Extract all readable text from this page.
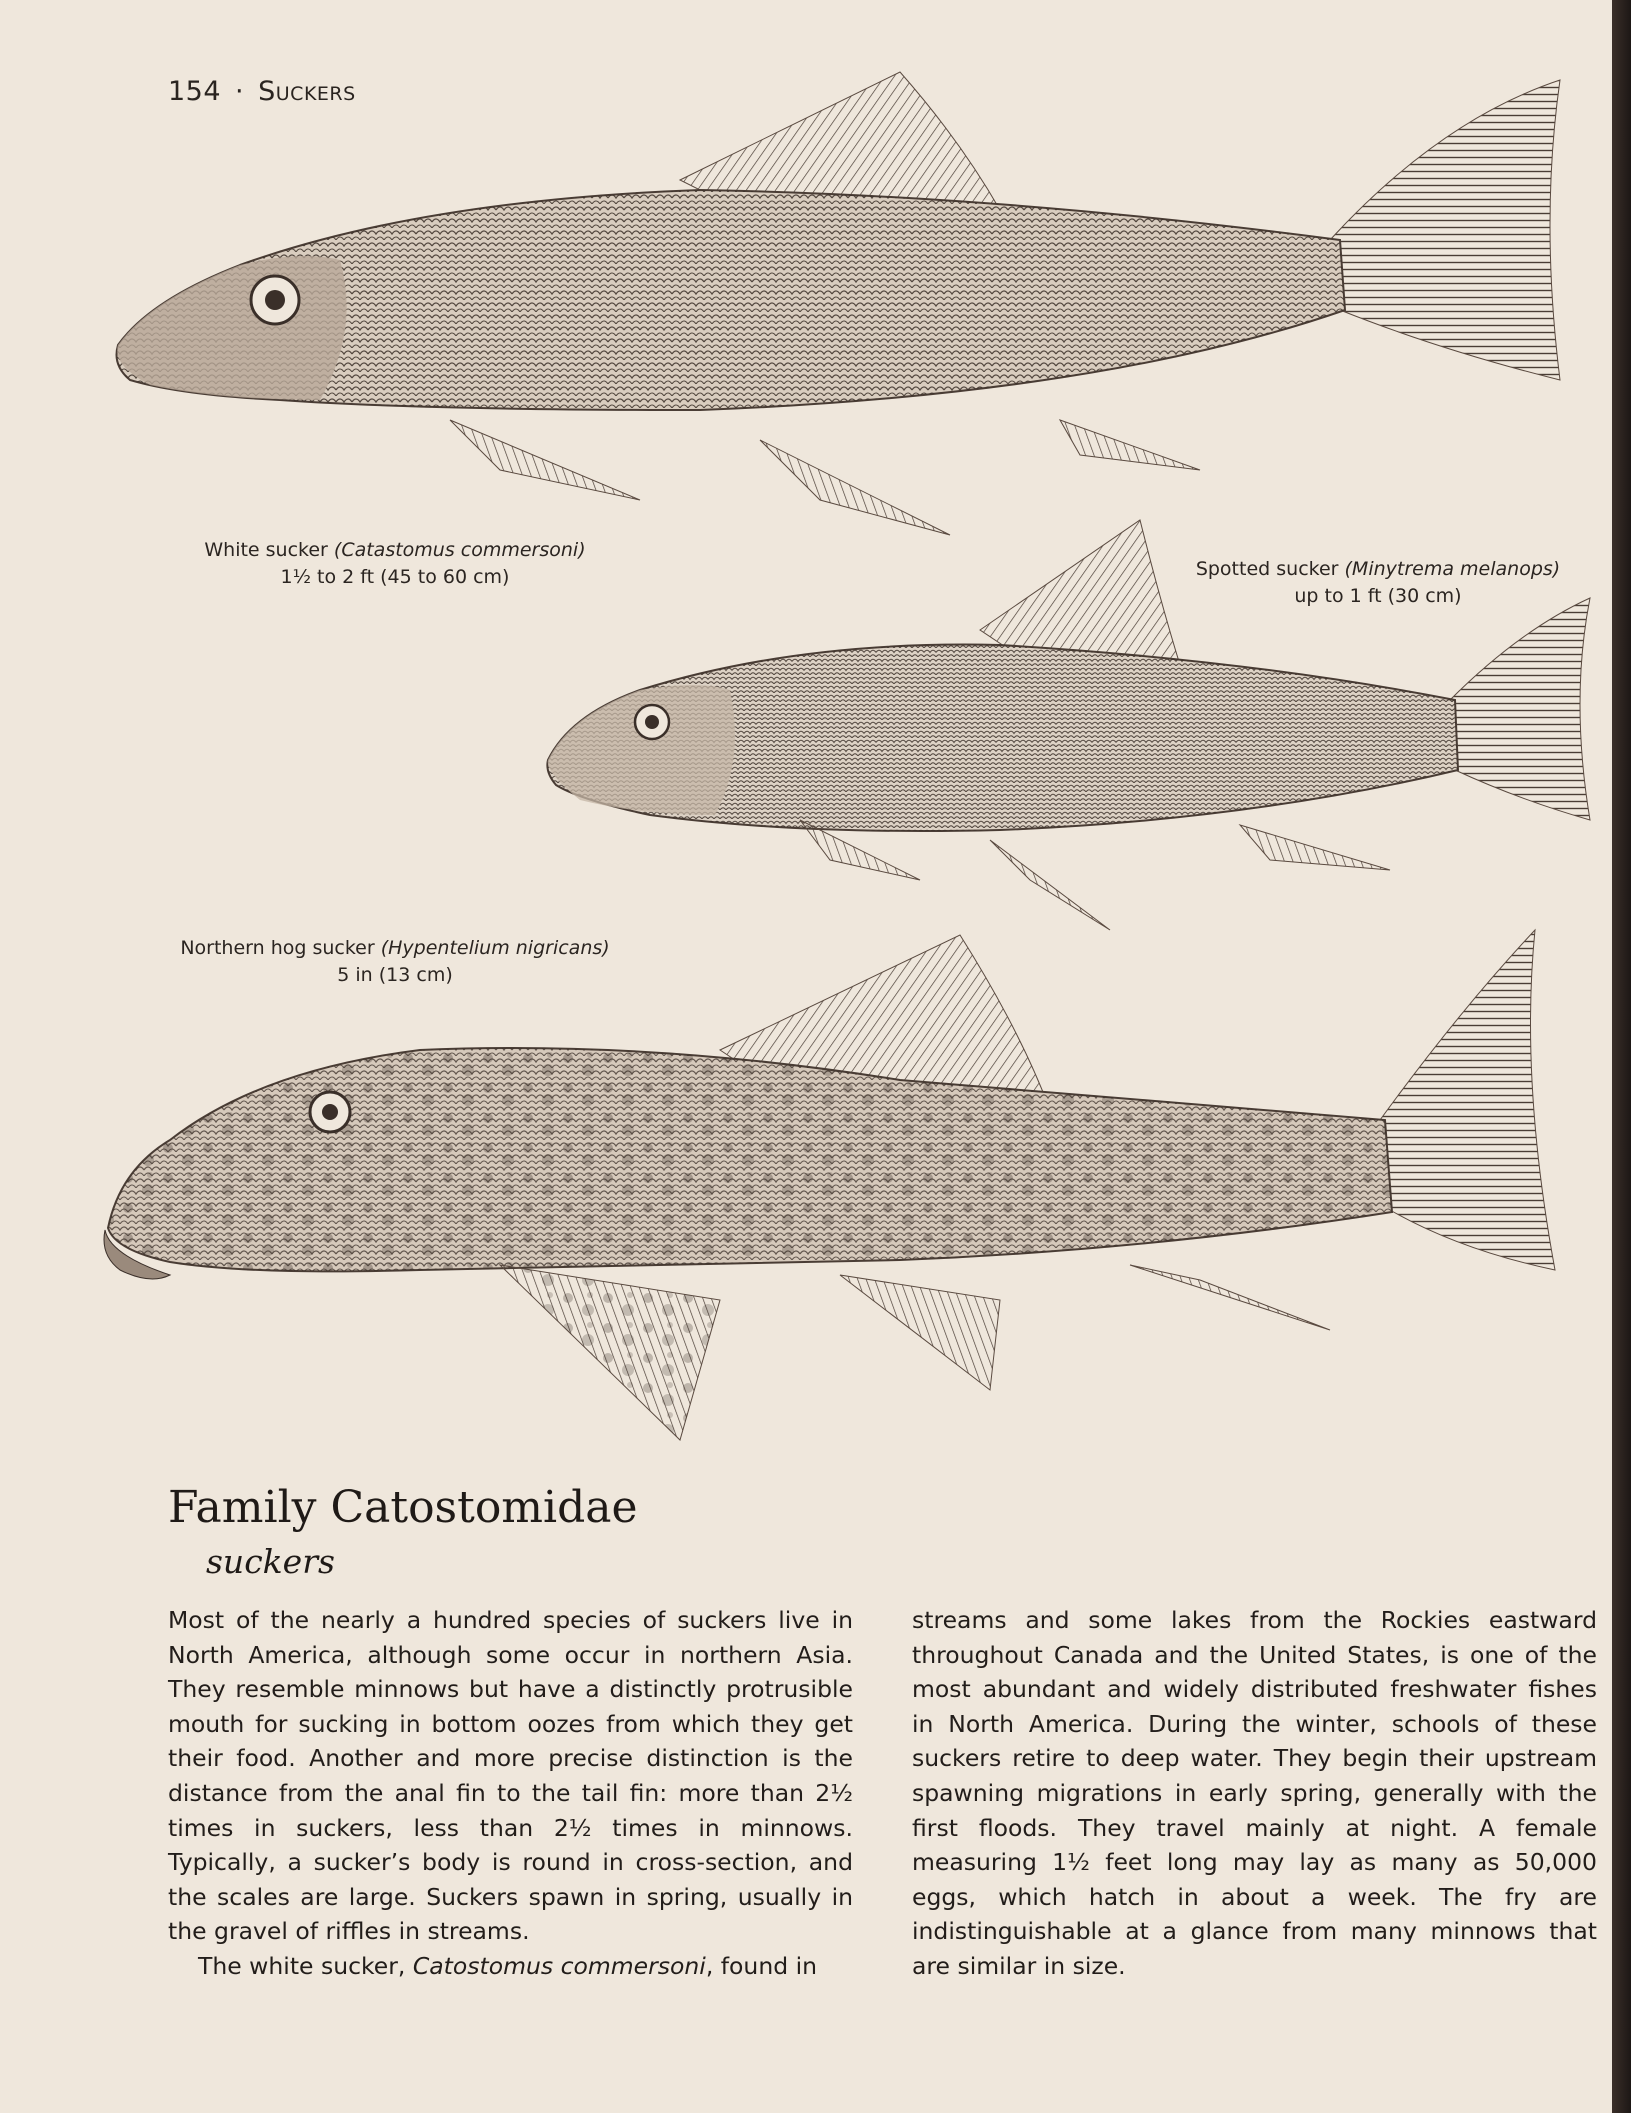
154 · Suckers
White sucker (Catastomus commersoni)
1½ to 2 ft (45 to 60 cm)	Spotted sucker (Minytrema melanops)
up to 1 ft (30 cm)
Northern hog sucker (Hypentelium nigricans)
5 in (13 cm)
Family Catostomidae
suckers

Most of the nearly a hundred species of suckers live in North America, although some occur in northern Asia. They resemble minnows but have a distinctly protrusible mouth for sucking in bottom oozes from which they get their food. Another and more precise distinction is the distance from the anal fin to the tail fin: more than 2½ times in suckers, less than 2½ times in minnows. Typically, a sucker’s body is round in cross-section, and the scales are large. Suckers spawn in spring, usually in the gravel of riffles in streams.

The white sucker, Catostomus commersoni, found in

streams and some lakes from the Rockies eastward throughout Canada and the United States, is one of the most abundant and widely distributed freshwater fishes in North America. During the winter, schools of these suckers retire to deep water. They begin their upstream spawning migrations in early spring, generally with the first floods. They travel mainly at night. A female measuring 1½ feet long may lay as many as 50,000 eggs, which hatch in about a week. The fry are indistinguishable at a glance from many minnows that are similar in size.
